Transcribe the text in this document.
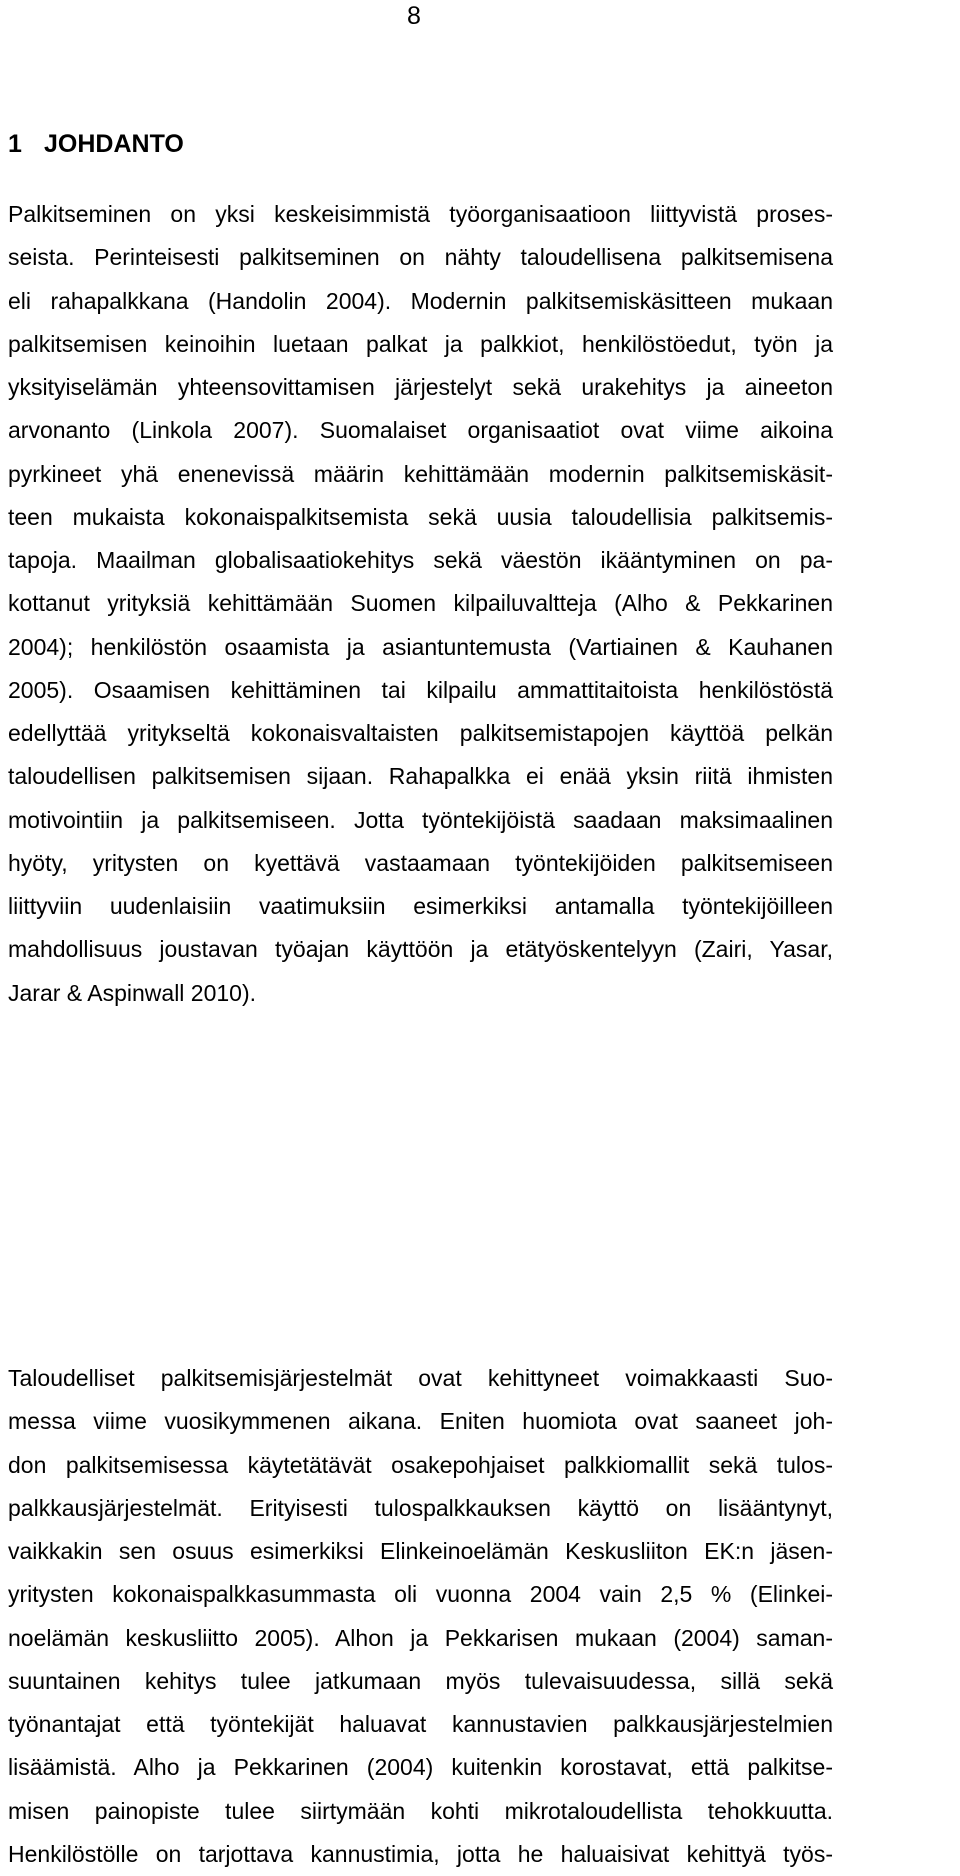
8
1 JOHDANTO
Palkitseminen on yksi keskeisimmistä työorganisaatioon liittyvistä proses-
seista. Perinteisesti palkitseminen on nähty taloudellisena palkitsemisena
eli rahapalkkana (Handolin 2004). Modernin palkitsemiskäsitteen mukaan
palkitsemisen keinoihin luetaan palkat ja palkkiot, henkilöstöedut, työn ja
yksityiselämän yhteensovittamisen järjestelyt sekä urakehitys ja aineeton
arvonanto (Linkola 2007). Suomalaiset organisaatiot ovat viime aikoina
pyrkineet yhä enenevissä määrin kehittämään modernin palkitsemiskäsit-
teen mukaista kokonaispalkitsemista sekä uusia taloudellisia palkitsemis-
tapoja. Maailman globalisaatiokehitys sekä väestön ikääntyminen on pa-
kottanut yrityksiä kehittämään Suomen kilpailuvaltteja (Alho & Pekkarinen
2004); henkilöstön osaamista ja asiantuntemusta (Vartiainen & Kauhanen
2005). Osaamisen kehittäminen tai kilpailu ammattitaitoista henkilöstöstä
edellyttää yritykseltä kokonaisvaltaisten palkitsemistapojen käyttöä pelkän
taloudellisen palkitsemisen sijaan. Rahapalkka ei enää yksin riitä ihmisten
motivointiin ja palkitsemiseen. Jotta työntekijöistä saadaan maksimaalinen
hyöty, yritysten on kyettävä vastaamaan työntekijöiden palkitsemiseen
liittyviin uudenlaisiin vaatimuksiin esimerkiksi antamalla työntekijöilleen
mahdollisuus joustavan työajan käyttöön ja etätyöskentelyyn (Zairi, Yasar,
Jarar & Aspinwall 2010).
Taloudelliset palkitsemisjärjestelmät ovat kehittyneet voimakkaasti Suo-
messa viime vuosikymmenen aikana. Eniten huomiota ovat saaneet joh-
don palkitsemisessa käytetätävät osakepohjaiset palkkiomallit sekä tulos-
palkkausjärjestelmät. Erityisesti tulospalkkauksen käyttö on lisääntynyt,
vaikkakin sen osuus esimerkiksi Elinkeinoelämän Keskusliiton EK:n jäsen-
yritysten kokonaispalkkasummasta oli vuonna 2004 vain 2,5 % (Elinkei-
noelämän keskusliitto 2005). Alhon ja Pekkarisen mukaan (2004) saman-
suuntainen kehitys tulee jatkumaan myös tulevaisuudessa, sillä sekä
työnantajat että työntekijät haluavat kannustavien palkkausjärjestelmien
lisäämistä. Alho ja Pekkarinen (2004) kuitenkin korostavat, että palkitse-
misen painopiste tulee siirtymään kohti mikrotaloudellista tehokkuutta.
Henkilöstölle on tarjottava kannustimia, jotta he haluaisivat kehittyä työs-
